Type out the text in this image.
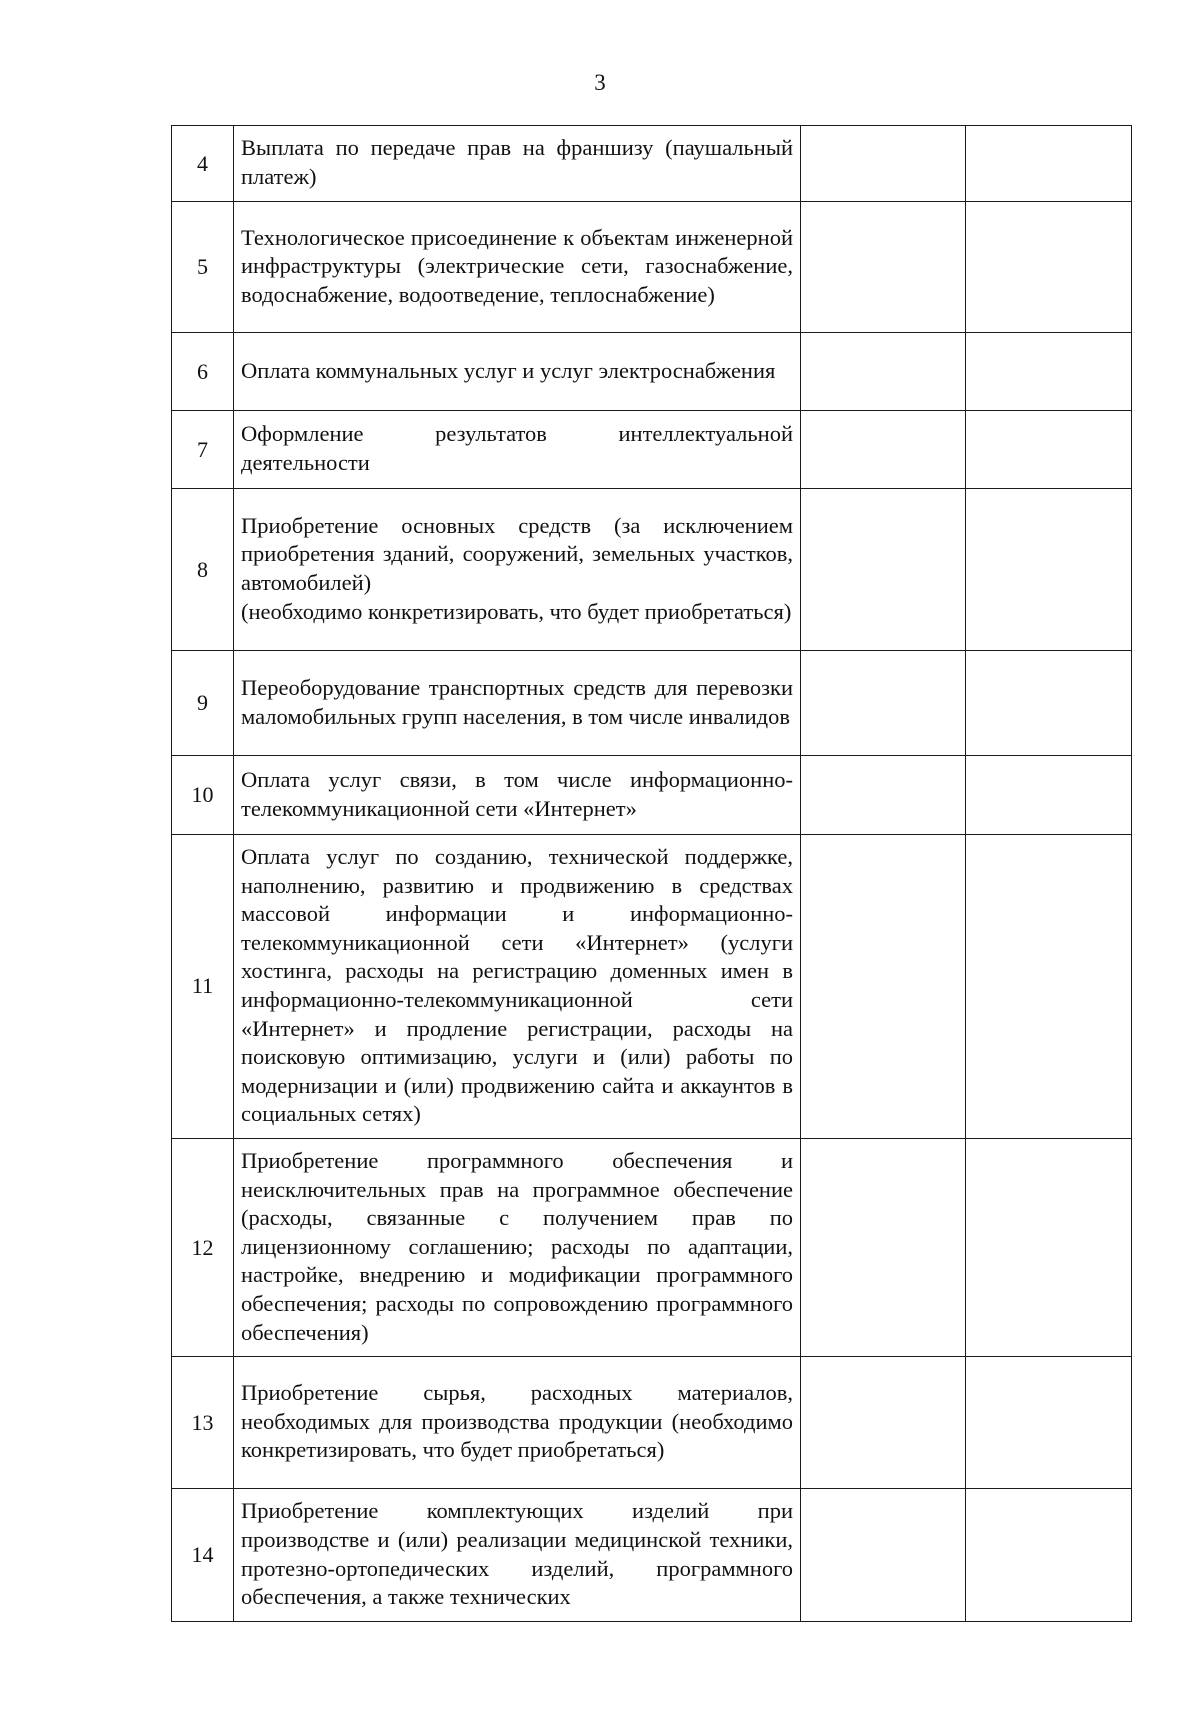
3
4	Выплата по передаче прав на франшизу (паушальный платеж)		

5	Технологическое присоединение к объектам инженерной инфраструктуры (электрические сети, газоснабжение, водоснабжение, водоотведение, теплоснабжение)		

6	Оплата коммунальных услуг и услуг электроснабжения		

7	Оформление результатов интеллектуальной деятельности		

8	Приобретение основных средств (за исключением приобретения зданий, сооружений, земельных участков, автомобилей)
(необходимо конкретизировать, что будет приобретаться)		

9	Переоборудование транспортных средств для перевозки маломобильных групп населения, в том числе инвалидов		

10	Оплата услуг связи, в том числе информационно-телекоммуникационной сети «Интернет»		

11	Оплата услуг по созданию, технической поддержке, наполнению, развитию и продвижению в средствах массовой информации и информационно-телекоммуникационной сети «Интернет» (услуги хостинга, расходы на регистрацию доменных имен в информационно-телекоммуникационной сети «Интернет» и продление регистрации, расходы на поисковую оптимизацию, услуги и (или) работы по модернизации и (или) продвижению сайта и аккаунтов в социальных сетях)		

12	Приобретение программного обеспечения и неисключительных прав на программное обеспечение (расходы, связанные с получением прав по лицензионному соглашению; расходы по адаптации, настройке, внедрению и модификации программного обеспечения; расходы по сопровождению программного обеспечения)		

13	Приобретение сырья, расходных материалов, необходимых для производства продукции (необходимо конкретизировать, что будет приобретаться)		

14	Приобретение комплектующих изделий при производстве и (или) реализации медицинской техники, протезно-ортопедических изделий, программного обеспечения, а также технических		
